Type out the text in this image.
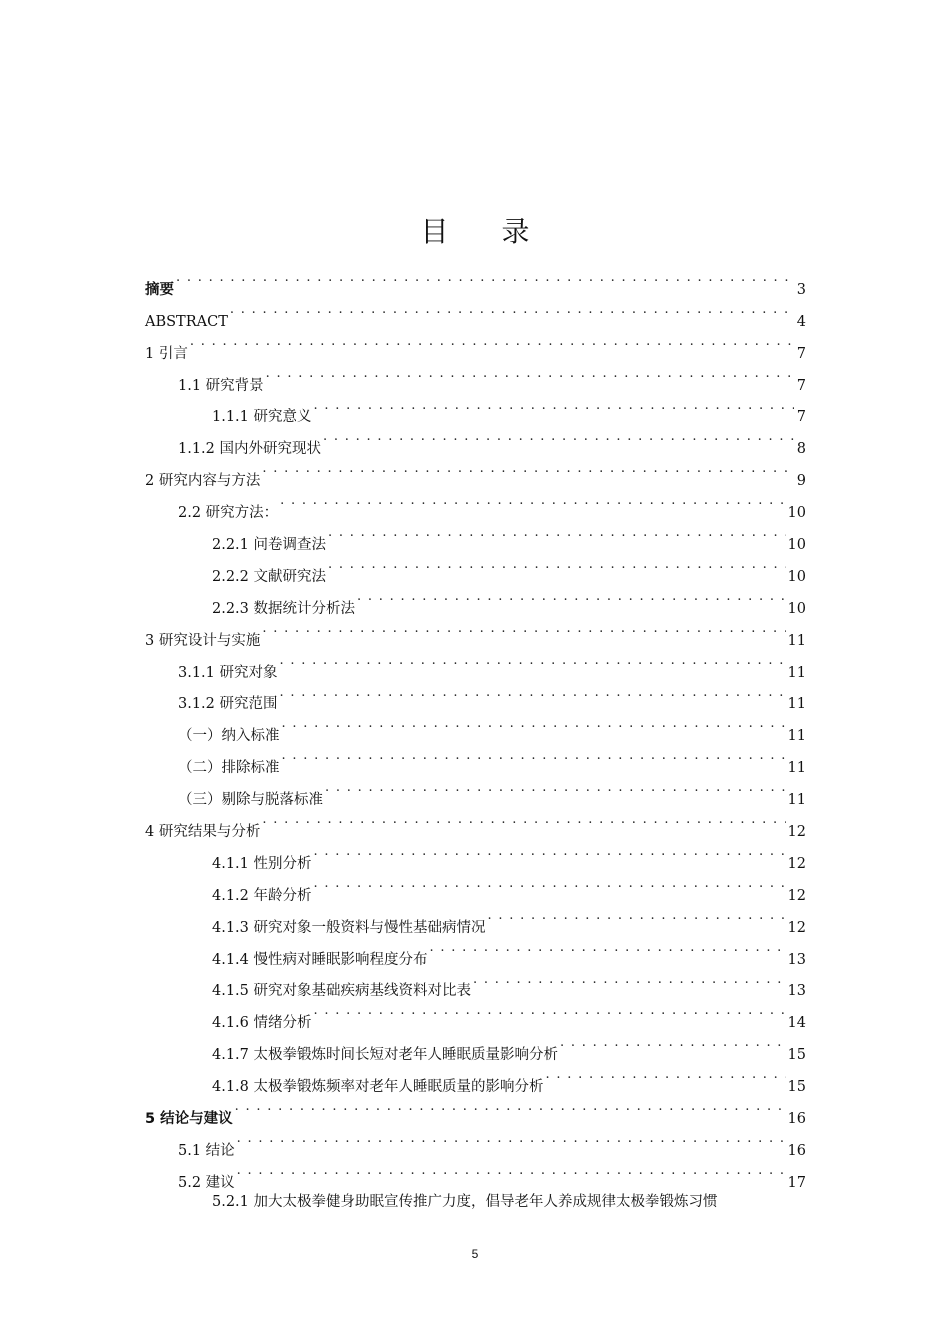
目 录
摘要 . . .	3
ABSTRACT . . .	4
1 引言 . . .	7
1.1 研究背景 . . .	7
1.1.1 研究意义 . . .	7
1.1.2 国内外研究现状 . . .	8
2 研究内容与方法 . . .	9
2.2 研究方法： . . .	10
2.2.1 问卷调查法 . . .	10
2.2.2 文献研究法 . . .	10
2.2.3 数据统计分析法 . . .	10
3 研究设计与实施 . . .	11
3.1.1 研究对象 . . .	11
3.1.2 研究范围 . . .	11
（一）纳入标准 . . .	11
（二）排除标准 . . .	11
（三）剔除与脱落标准 . . .	11
4 研究结果与分析 . . .	12
4.1.1 性别分析 . . .	12
4.1.2 年龄分析 . . .	12
4.1.3 研究对象一般资料与慢性基础病情况 . . .	12
4.1.4 慢性病对睡眠影响程度分布 . . .	13
4.1.5 研究对象基础疾病基线资料对比表 . . .	13
4.1.6 情绪分析 . . .	14
4.1.7 太极拳锻炼时间长短对老年人睡眠质量影响分析 . . .	15
4.1.8 太极拳锻炼频率对老年人睡眠质量的影响分析 . . .	15
5 结论与建议 . . .	16
5.1 结论 . . .	16
5.2 建议 . . .	17
5.2.1 加大太极拳健身助眠宣传推广力度，倡导老年人养成规律太极拳锻炼习惯
5
